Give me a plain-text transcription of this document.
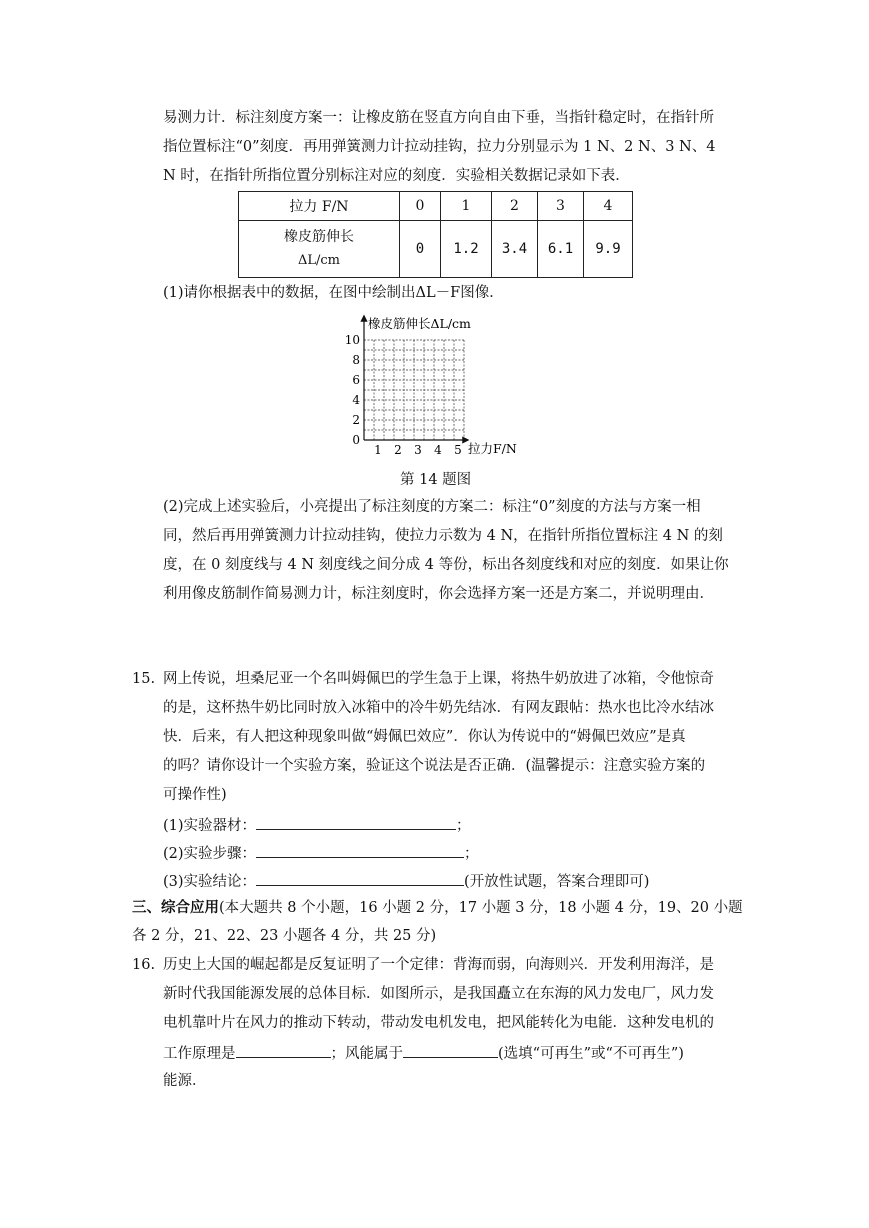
易测力计．标注刻度方案一：让橡皮筋在竖直方向自由下垂，当指针稳定时，在指针所
指位置标注“0”刻度．再用弹簧测力计拉动挂钩，拉力分别显示为 1 N、2 N、3 N、4
N 时，在指针所指位置分别标注对应的刻度．实验相关数据记录如下表．
拉力 F/N	0	1	2	3	4

橡皮筋伸长
ΔL/cm	0	1.2	3.4	6.1	9.9
(1)请你根据表中的数据，在图中绘制出ΔL－F图像．
橡皮筋伸长ΔL/cm
拉力F/N
0
2
4
6
8
10
1 2 3 4 5
第 14 题图
(2)完成上述实验后，小亮提出了标注刻度的方案二：标注“0”刻度的方法与方案一相
同，然后再用弹簧测力计拉动挂钩，使拉力示数为 4 N，在指针所指位置标注 4 N 的刻
度，在 0 刻度线与 4 N 刻度线之间分成 4 等份，标出各刻度线和对应的刻度．如果让你
利用像皮筋制作简易测力计，标注刻度时，你会选择方案一还是方案二，并说明理由．
15. 网上传说，坦桑尼亚一个名叫姆佩巴的学生急于上课，将热牛奶放进了冰箱，令他惊奇
的是，这杯热牛奶比同时放入冰箱中的冷牛奶先结冰．有网友跟帖：热水也比冷水结冰
快．后来，有人把这种现象叫做“姆佩巴效应”．你认为传说中的“姆佩巴效应”是真
的吗？请你设计一个实验方案，验证这个说法是否正确．(温馨提示：注意实验方案的
可操作性)
(1)实验器材：	；
(2)实验步骤：	；
(3)实验结论：	(开放性试题，答案合理即可)
三、综合应用(本大题共 8 个小题，16 小题 2 分，17 小题 3 分，18 小题 4 分，19、20 小题
各 2 分，21、22、23 小题各 4 分，共 25 分)
16. 历史上大国的崛起都是反复证明了一个定律：背海而弱，向海则兴．开发利用海洋，是
新时代我国能源发展的总体目标．如图所示，是我国矗立在东海的风力发电厂，风力发
电机靠叶片在风力的推动下转动，带动发电机发电，把风能转化为电能．这种发电机的
工作原理是	；风能属于	(选填“可再生”或“不可再生”)
能源．
